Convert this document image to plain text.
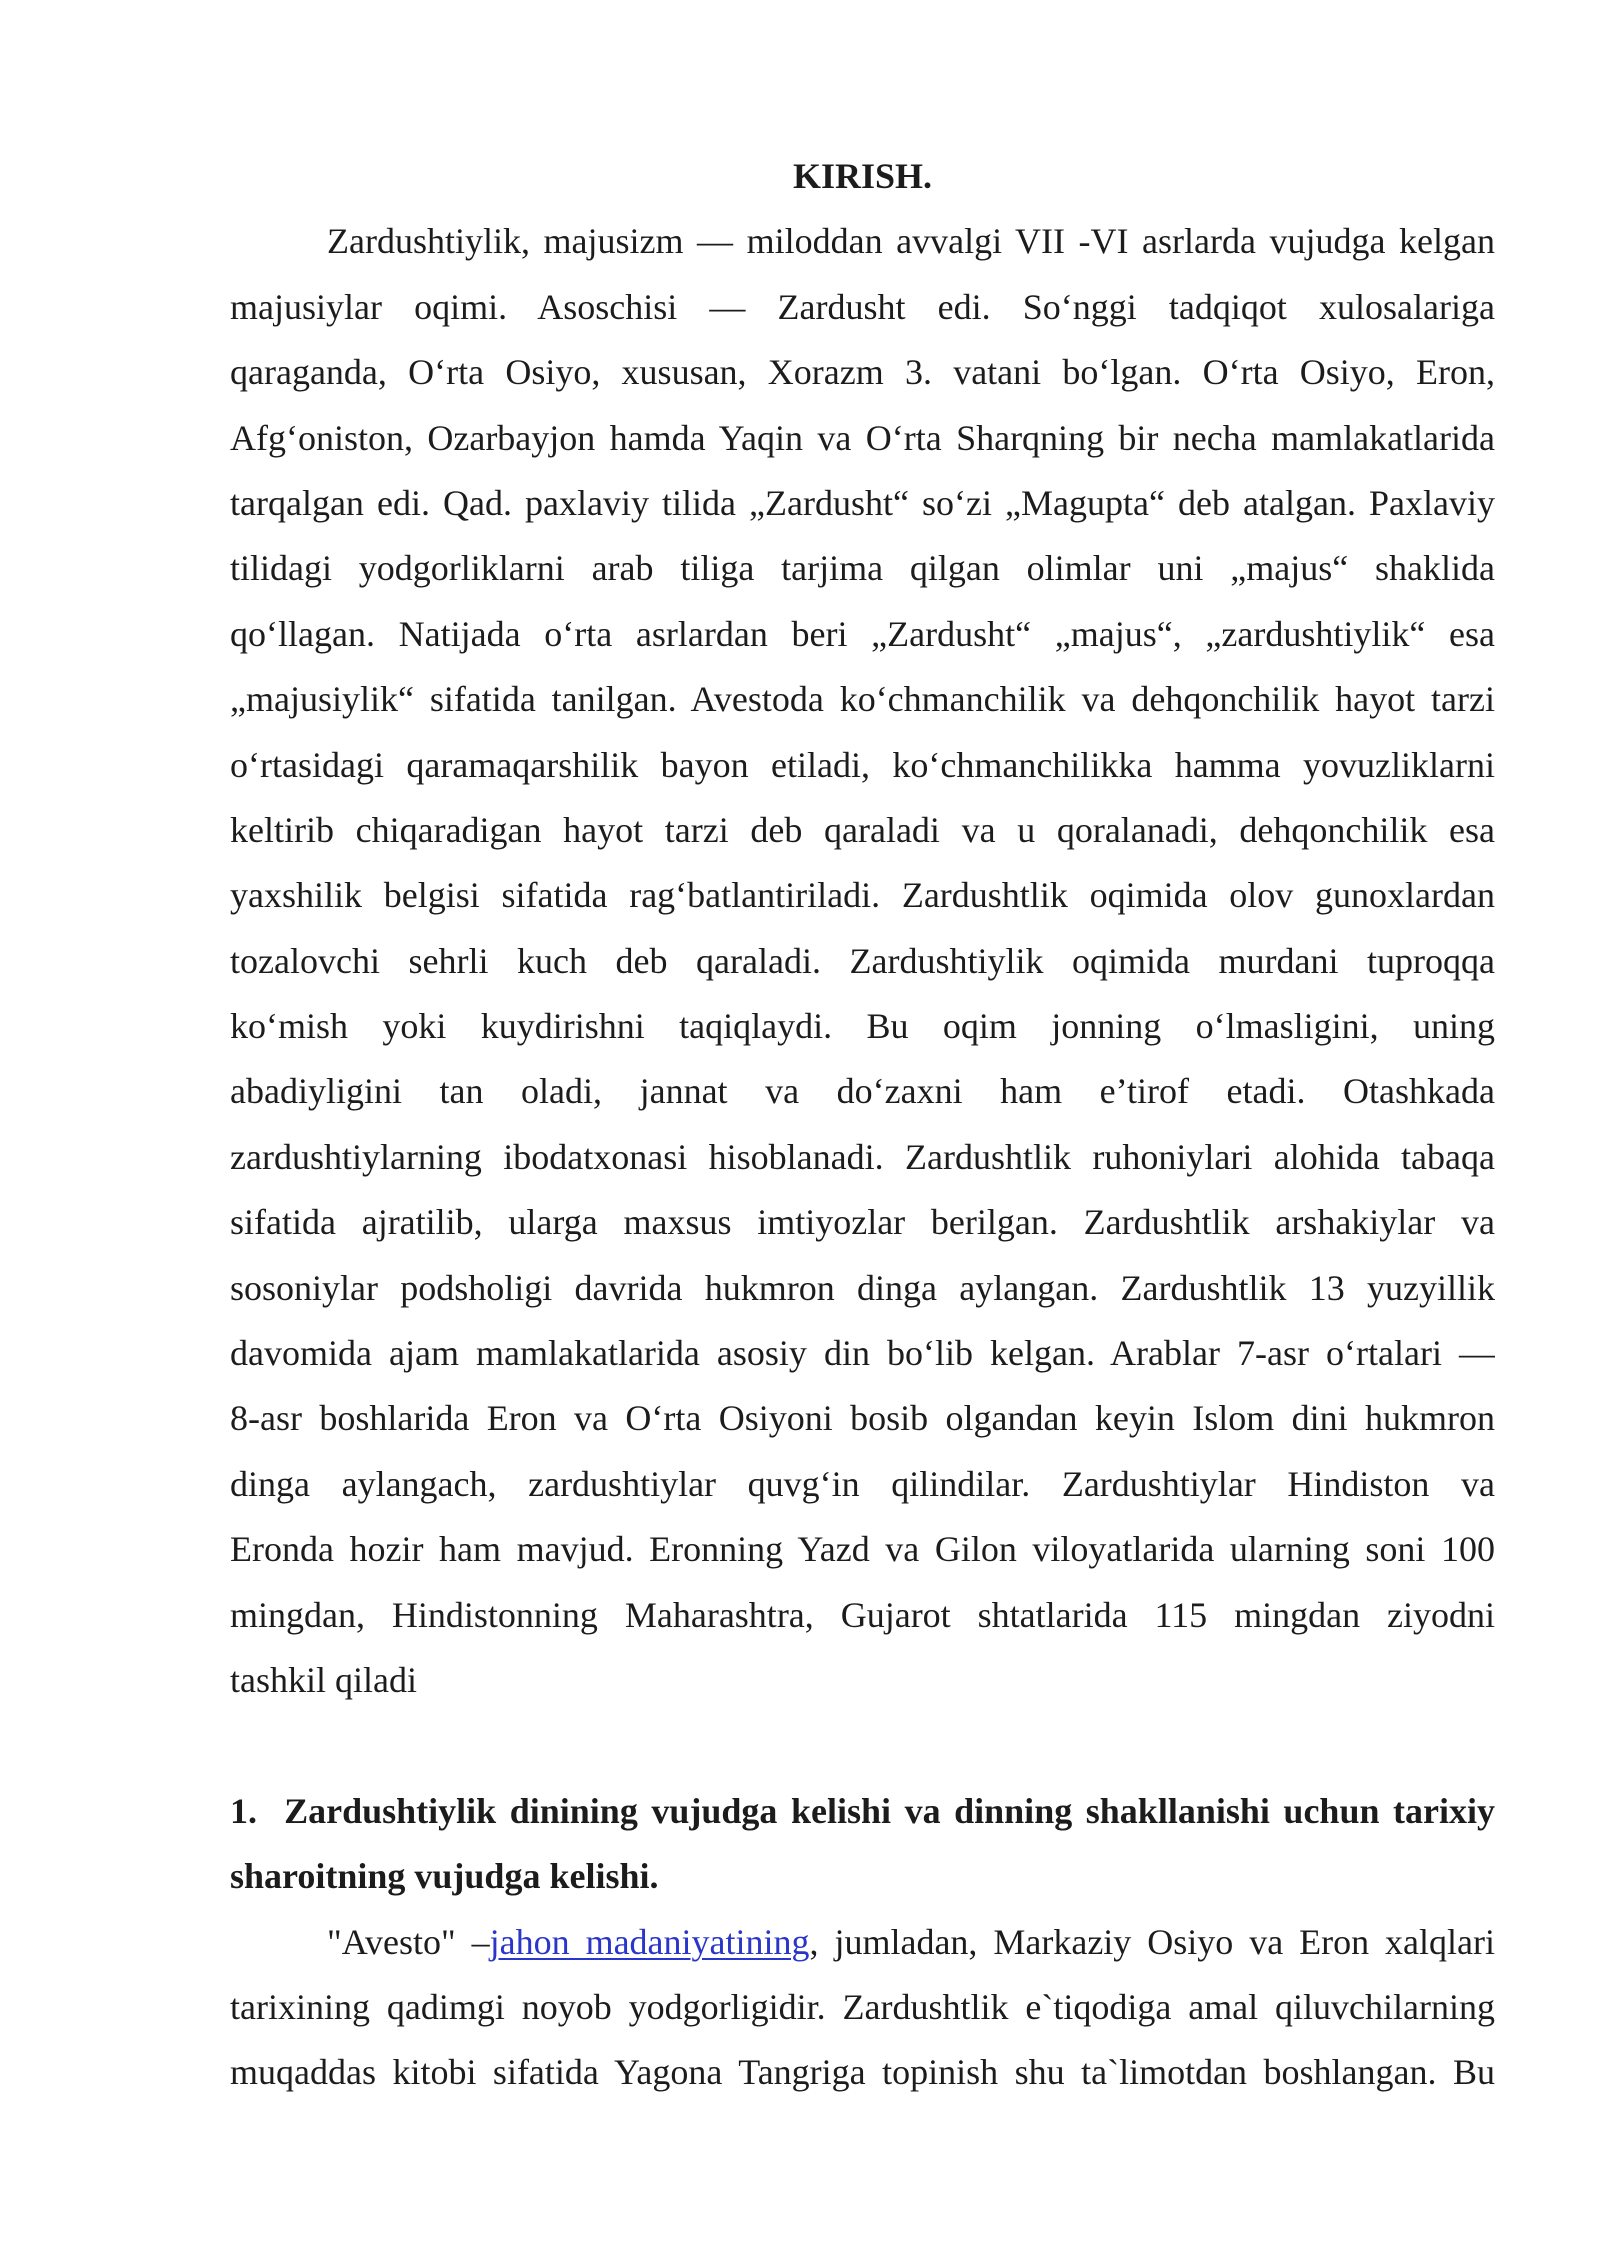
KIRISH.
Zardushtiylik, majusizm — miloddan avvalgi VII -VI asrlarda vujudga kelgan
majusiylar oqimi. Asoschisi — Zardusht edi. So‘nggi tadqiqot xulosalariga
qaraganda, O‘rta Osiyo, xususan, Xorazm 3. vatani bo‘lgan. O‘rta Osiyo, Eron,
Afg‘oniston, Ozarbayjon hamda Yaqin va O‘rta Sharqning bir necha mamlakatlarida
tarqalgan edi. Qad. paxlaviy tilida „Zardusht“ so‘zi „Magupta“ deb atalgan. Paxlaviy
tilidagi yodgorliklarni arab tiliga tarjima qilgan olimlar uni „majus“ shaklida
qo‘llagan. Natijada o‘rta asrlardan beri „Zardusht“ „majus“, „zardushtiylik“ esa
„majusiylik“ sifatida tanilgan. Avestoda ko‘chmanchilik va dehqonchilik hayot tarzi
o‘rtasidagi qaramaqarshilik bayon etiladi, ko‘chmanchilikka hamma yovuzliklarni
keltirib chiqaradigan hayot tarzi deb qaraladi va u qoralanadi, dehqonchilik esa
yaxshilik belgisi sifatida rag‘batlantiriladi. Zardushtlik oqimida olov gunoxlardan
tozalovchi sehrli kuch deb qaraladi. Zardushtiylik oqimida murdani tuproqqa
ko‘mish yoki kuydirishni taqiqlaydi. Bu oqim jonning o‘lmasligini, uning
abadiyligini tan oladi, jannat va do‘zaxni ham e’tirof etadi. Otashkada
zardushtiylarning ibodatxonasi hisoblanadi. Zardushtlik ruhoniylari alohida tabaqa
sifatida ajratilib, ularga maxsus imtiyozlar berilgan. Zardushtlik arshakiylar va
sosoniylar podsholigi davrida hukmron dinga aylangan. Zardushtlik 13 yuzyillik
davomida ajam mamlakatlarida asosiy din bo‘lib kelgan. Arablar 7-asr o‘rtalari —
8-asr boshlarida Eron va O‘rta Osiyoni bosib olgandan keyin Islom dini hukmron
dinga aylangach, zardushtiylar quvg‘in qilindilar. Zardushtiylar Hindiston va
Eronda hozir ham mavjud. Eronning Yazd va Gilon viloyatlarida ularning soni 100
mingdan, Hindistonning Maharashtra, Gujarot shtatlarida 115 mingdan ziyodni
tashkil qiladi
1. Zardushtiylik dinining vujudga kelishi va dinning shakllanishi uchun tarixiy
sharoitning vujudga kelishi.
"Avesto" –jahon madaniyatining, jumladan, Markaziy Osiyo va Eron xalqlari
tarixining qadimgi noyob yodgorligidir. Zardushtlik e`tiqodiga amal qiluvchilarning
muqaddas kitobi sifatida Yagona Tangriga topinish shu ta`limotdan boshlangan. Bu
